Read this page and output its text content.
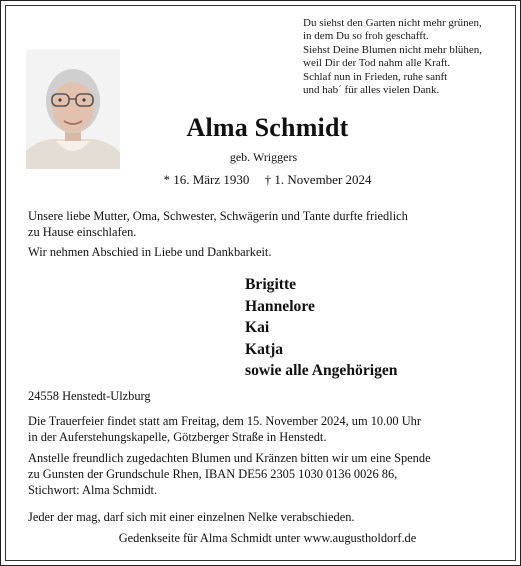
Du siehst den Garten nicht mehr grünen,
in dem Du so froh geschafft.
Siehst Deine Blumen nicht mehr blühen,
weil Dir der Tod nahm alle Kraft.
Schlaf nun in Frieden, ruhe sanft
und hab´ für alles vielen Dank.
Alma Schmidt
geb. Wriggers
* 16. März 1930 † 1. November 2024
Unsere liebe Mutter, Oma, Schwester, Schwägerin und Tante durfte friedlich
zu Hause einschlafen.
Wir nehmen Abschied in Liebe und Dankbarkeit.
Brigitte
Hannelore
Kai
Katja
sowie alle Angehörigen
24558 Henstedt-Ulzburg
Die Trauerfeier findet statt am Freitag, dem 15. November 2024, um 10.00 Uhr
in der Auferstehungskapelle, Götzberger Straße in Henstedt.
Anstelle freundlich zugedachten Blumen und Kränzen bitten wir um eine Spende
zu Gunsten der Grundschule Rhen, IBAN DE56 2305 1030 0136 0026 86,
Stichwort: Alma Schmidt.
Jeder der mag, darf sich mit einer einzelnen Nelke verabschieden.
Gedenkseite für Alma Schmidt unter www.augustholdorf.de
